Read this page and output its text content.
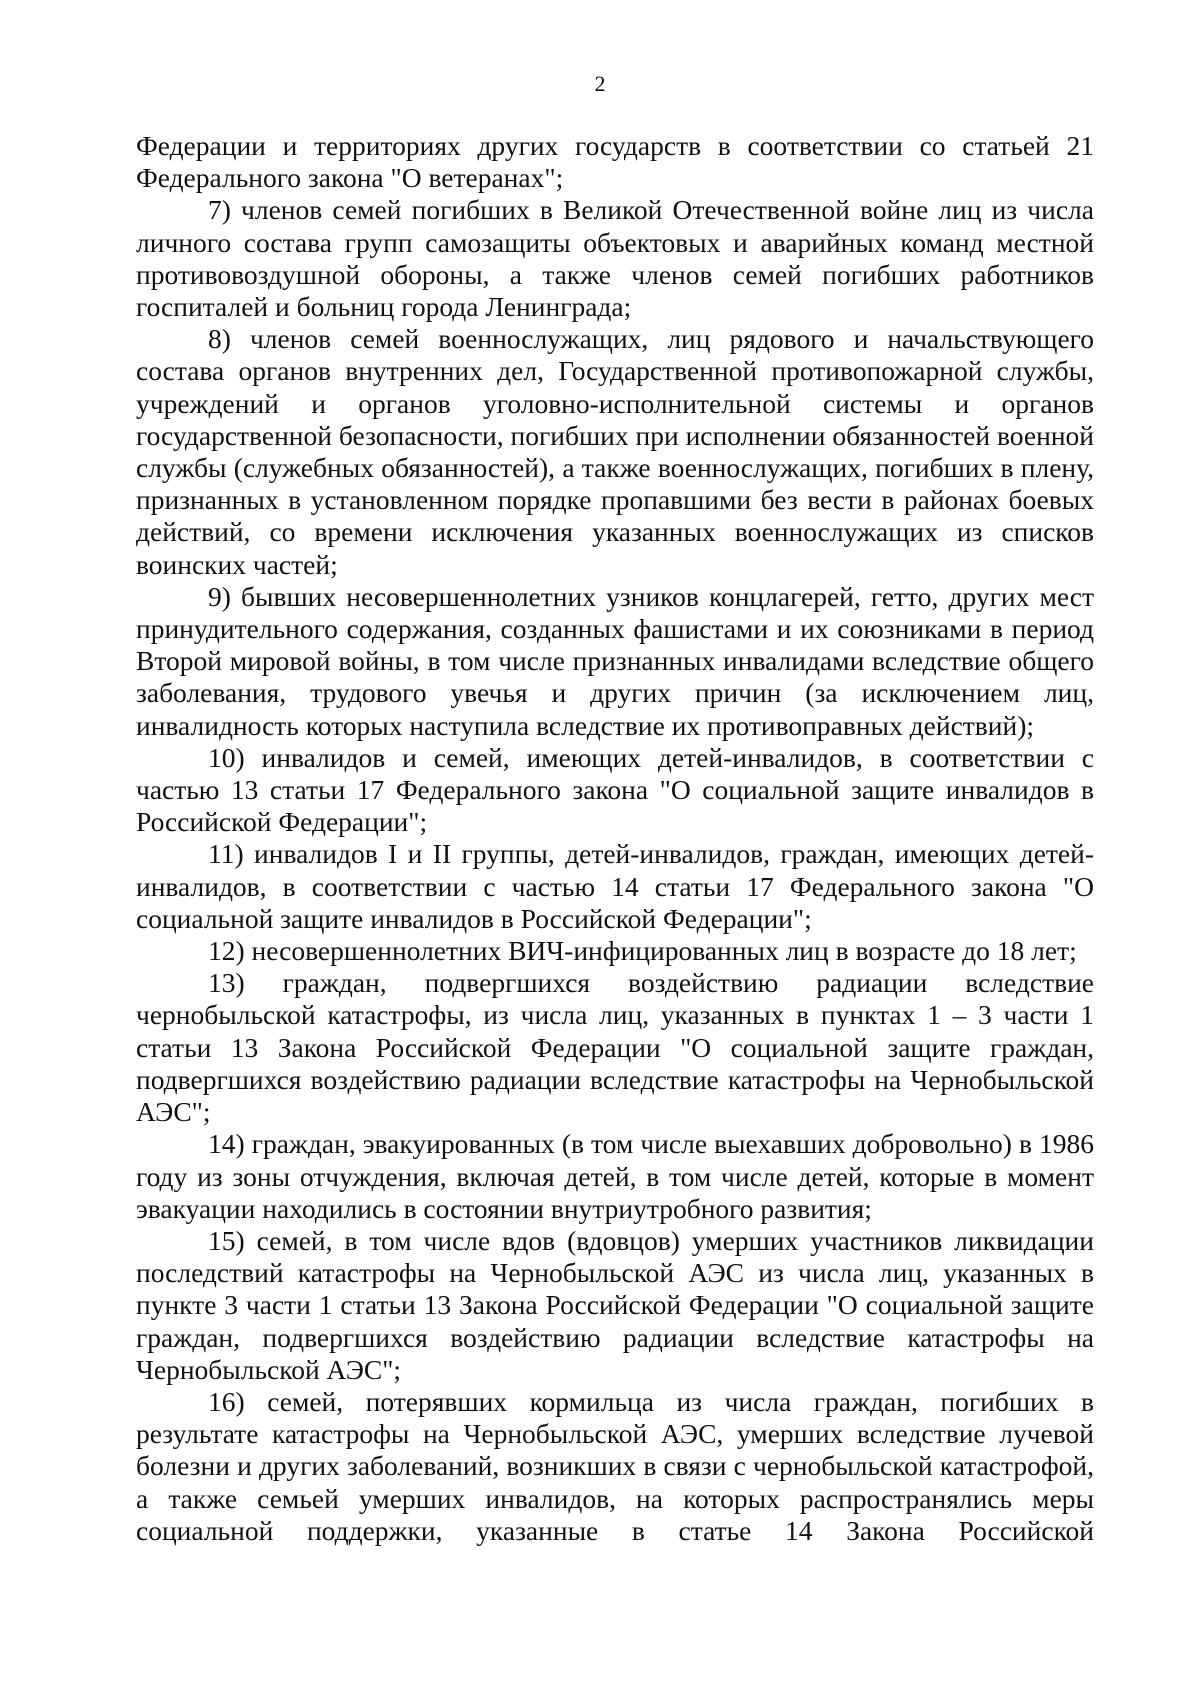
2

Федерации и территориях других государств в соответствии со статьей 21 Федерального закона "О ветеранах";

7) членов семей погибших в Великой Отечественной войне лиц из числа личного состава групп самозащиты объектовых и аварийных команд местной противовоздушной обороны, а также членов семей погибших работников госпиталей и больниц города Ленинграда;

8) членов семей военнослужащих, лиц рядового и начальствующего состава органов внутренних дел, Государственной противопожарной службы, учреждений и органов уголовно-исполнительной системы и органов государственной безопасности, погибших при исполнении обязанностей военной службы (служебных обязанностей), а также военнослужащих, погибших в плену, признанных в установленном порядке пропавшими без вести в районах боевых действий, со времени исключения указанных военнослужащих из списков воинских частей;

9) бывших несовершеннолетних узников концлагерей, гетто, других мест принудительного содержания, созданных фашистами и их союзниками в период Второй мировой войны, в том числе признанных инвалидами вследствие общего заболевания, трудового увечья и других причин (за исключением лиц, инвалидность которых наступила вследствие их противоправных действий);

10) инвалидов и семей, имеющих детей-инвалидов, в соответствии с частью 13 статьи 17 Федерального закона "О социальной защите инвалидов в Российской Федерации";

11) инвалидов I и II группы, детей-инвалидов, граждан, имеющих детей-инвалидов, в соответствии с частью 14 статьи 17 Федерального закона "О социальной защите инвалидов в Российской Федерации";

12) несовершеннолетних ВИЧ-инфицированных лиц в возрасте до 18 лет;

13) граждан, подвергшихся воздействию радиации вследствие чернобыльской катастрофы, из числа лиц, указанных в пунктах 1 – 3 части 1 статьи 13 Закона Российской Федерации "О социальной защите граждан, подвергшихся воздействию радиации вследствие катастрофы на Чернобыльской АЭС";

14) граждан, эвакуированных (в том числе выехавших добровольно) в 1986 году из зоны отчуждения, включая детей, в том числе детей, которые в момент эвакуации находились в состоянии внутриутробного развития;

15) семей, в том числе вдов (вдовцов) умерших участников ликвидации последствий катастрофы на Чернобыльской АЭС из числа лиц, указанных в пункте 3 части 1 статьи 13 Закона Российской Федерации "О социальной защите граждан, подвергшихся воздействию радиации вследствие катастрофы на Чернобыльской АЭС";

16) семей, потерявших кормильца из числа граждан, погибших в результате катастрофы на Чернобыльской АЭС, умерших вследствие лучевой болезни и других заболеваний, возникших в связи с чернобыльской катастрофой, а также семьей умерших инвалидов, на которых распространялись меры социальной поддержки, указанные в статье 14 Закона Российской
